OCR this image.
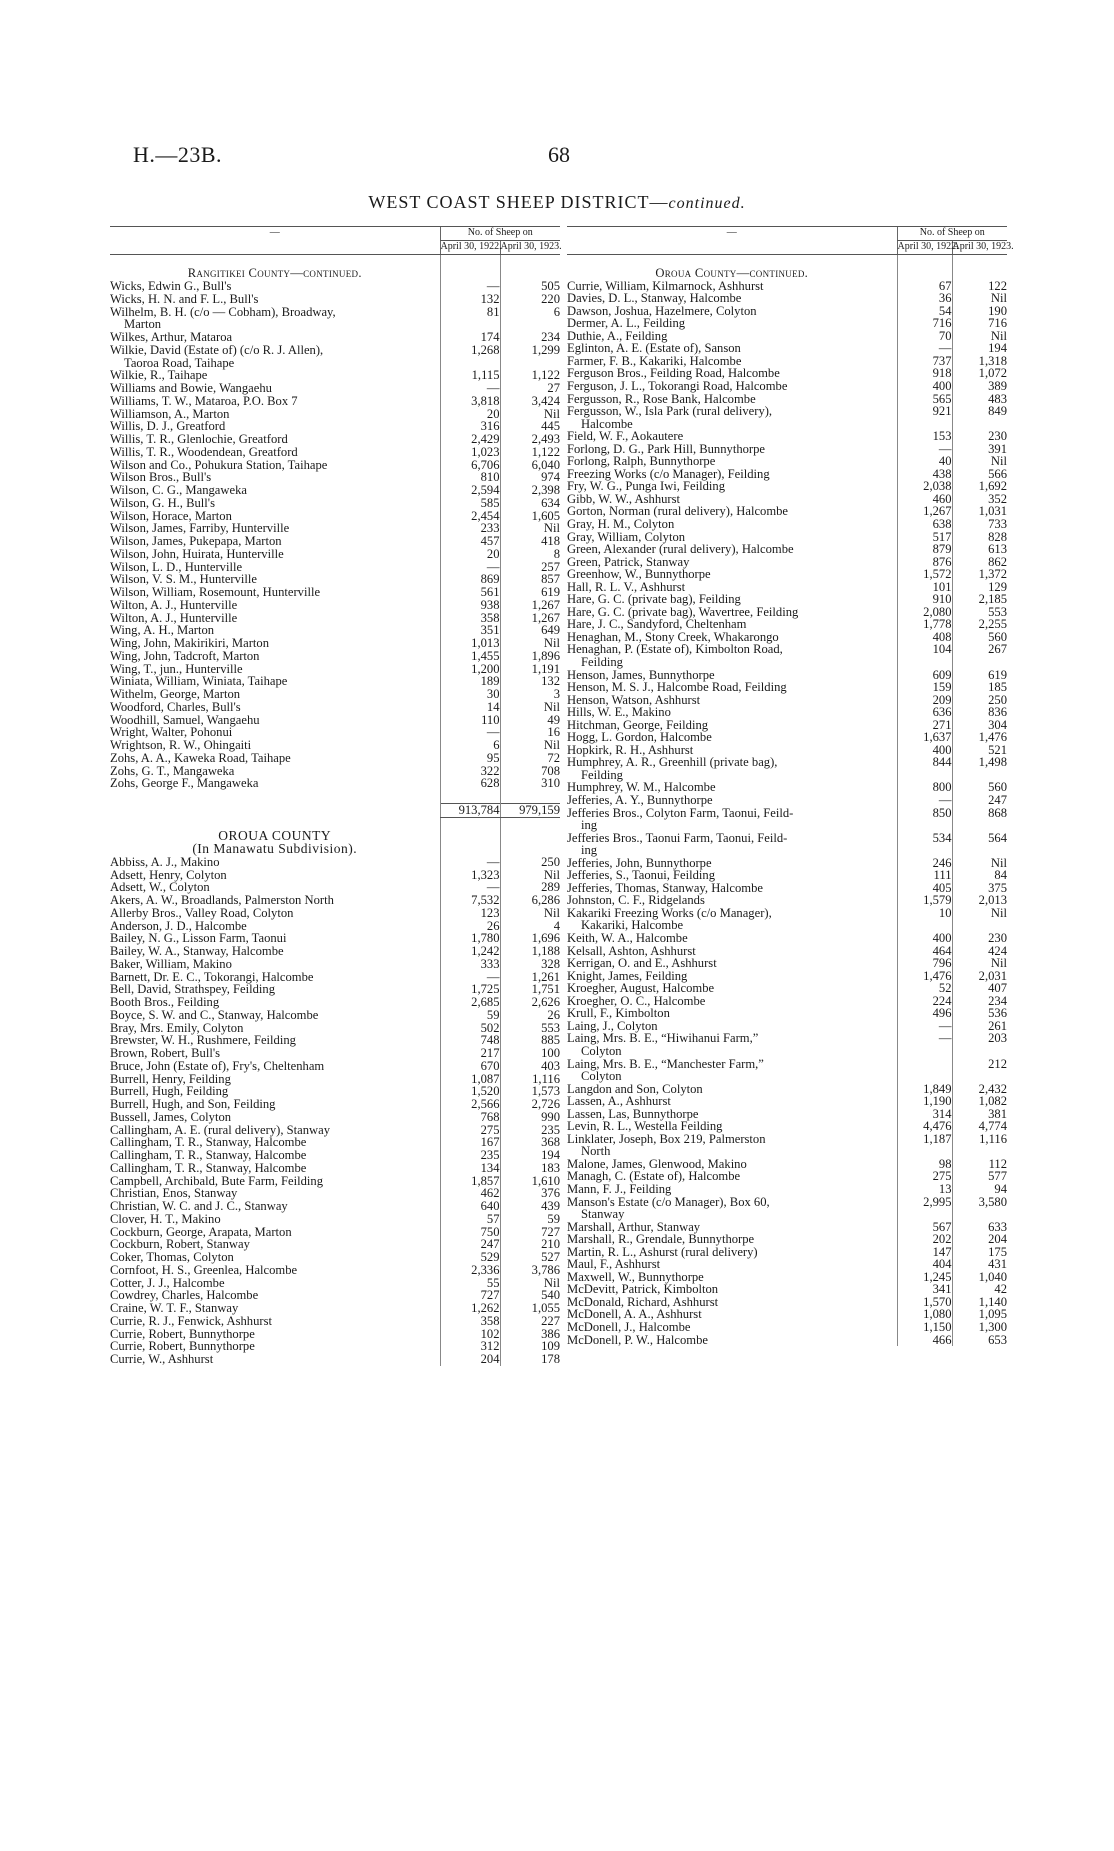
H.—23B.	68
WEST COAST SHEEP DISTRICT—continued.
—	No. of Sheep on	
	April 30, 1922.	April 30, 1923.

Rangitikei County—continued.		
Wicks, Edwin G., Bull's	—	505
Wicks, H. N. and F. L., Bull's	132	220
Wilhelm, B. H. (c/o — Cobham), Broadway,	81	6
Marton		
Wilkes, Arthur, Mataroa	174	234
Wilkie, David (Estate of) (c/o R. J. Allen),	1,268	1,299
Taoroa Road, Taihape		
Wilkie, R., Taihape	1,115	1,122
Williams and Bowie, Wangaehu	—	27
Williams, T. W., Mataroa, P.O. Box 7	3,818	3,424
Williamson, A., Marton	20	Nil
Willis, D. J., Greatford	316	445
Willis, T. R., Glenlochie, Greatford	2,429	2,493
Willis, T. R., Woodendean, Greatford	1,023	1,122
Wilson and Co., Pohukura Station, Taihape	6,706	6,040
Wilson Bros., Bull's	810	974
Wilson, C. G., Mangaweka	2,594	2,398
Wilson, G. H., Bull's	585	634
Wilson, Horace, Marton	2,454	1,605
Wilson, James, Farriby, Hunterville	233	Nil
Wilson, James, Pukepapa, Marton	457	418
Wilson, John, Huirata, Hunterville	20	8
Wilson, L. D., Hunterville	—	257
Wilson, V. S. M., Hunterville	869	857
Wilson, William, Rosemount, Hunterville	561	619
Wilton, A. J., Hunterville	938	1,267
Wilton, A. J., Hunterville	358	1,267
Wing, A. H., Marton	351	649
Wing, John, Makirikiri, Marton	1,013	Nil
Wing, John, Tadcroft, Marton	1,455	1,896
Wing, T., jun., Hunterville	1,200	1,191
Winiata, William, Winiata, Taihape	189	132
Withelm, George, Marton	30	3
Woodford, Charles, Bull's	14	Nil
Woodhill, Samuel, Wangaehu	110	49
Wright, Walter, Pohonui	—	16
Wrightson, R. W., Ohingaiti	6	Nil
Zohs, A. A., Kaweka Road, Taihape	95	72
Zohs, G. T., Mangaweka	322	708
Zohs, George F., Mangaweka	628	310

	913,784	979,159

OROUA COUNTY		
(In Manawatu Subdivision).		
Abbiss, A. J., Makino	—	250
Adsett, Henry, Colyton	1,323	Nil
Adsett, W., Colyton	—	289
Akers, A. W., Broadlands, Palmerston North	7,532	6,286
Allerby Bros., Valley Road, Colyton	123	Nil
Anderson, J. D., Halcombe	26	4
Bailey, N. G., Lisson Farm, Taonui	1,780	1,696
Bailey, W. A., Stanway, Halcombe	1,242	1,188
Baker, William, Makino	333	328
Barnett, Dr. E. C., Tokorangi, Halcombe	—	1,261
Bell, David, Strathspey, Feilding	1,725	1,751
Booth Bros., Feilding	2,685	2,626
Boyce, S. W. and C., Stanway, Halcombe	59	26
Bray, Mrs. Emily, Colyton	502	553
Brewster, W. H., Rushmere, Feilding	748	885
Brown, Robert, Bull's	217	100
Bruce, John (Estate of), Fry's, Cheltenham	670	403
Burrell, Henry, Feilding	1,087	1,116
Burrell, Hugh, Feilding	1,520	1,573
Burrell, Hugh, and Son, Feilding	2,566	2,726
Bussell, James, Colyton	768	990
Callingham, A. E. (rural delivery), Stanway	275	235
Callingham, T. R., Stanway, Halcombe	167	368
Callingham, T. R., Stanway, Halcombe	235	194
Callingham, T. R., Stanway, Halcombe	134	183
Campbell, Archibald, Bute Farm, Feilding	1,857	1,610
Christian, Enos, Stanway	462	376
Christian, W. C. and J. C., Stanway	640	439
Clover, H. T., Makino	57	59
Cockburn, George, Arapata, Marton	750	727
Cockburn, Robert, Stanway	247	210
Coker, Thomas, Colyton	529	527
Cornfoot, H. S., Greenlea, Halcombe	2,336	3,786
Cotter, J. J., Halcombe	55	Nil
Cowdrey, Charles, Halcombe	727	540
Craine, W. T. F., Stanway	1,262	1,055
Currie, R. J., Fenwick, Ashhurst	358	227
Currie, Robert, Bunnythorpe	102	386
Currie, Robert, Bunnythorpe	312	109
Currie, W., Ashhurst	204	178
—	No. of Sheep on	
	April 30, 1922.	April 30, 1923.

Oroua County—continued.		
Currie, William, Kilmarnock, Ashhurst	67	122
Davies, D. L., Stanway, Halcombe	36	Nil
Dawson, Joshua, Hazelmere, Colyton	54	190
Dermer, A. L., Feilding	716	716
Duthie, A., Feilding	70	Nil
Eglinton, A. E. (Estate of), Sanson	—	194
Farmer, F. B., Kakariki, Halcombe	737	1,318
Ferguson Bros., Feilding Road, Halcombe	918	1,072
Ferguson, J. L., Tokorangi Road, Halcombe	400	389
Fergusson, R., Rose Bank, Halcombe	565	483
Fergusson, W., Isla Park (rural delivery),	921	849
Halcombe		
Field, W. F., Aokautere	153	230
Forlong, D. G., Park Hill, Bunnythorpe	—	391
Forlong, Ralph, Bunnythorpe	40	Nil
Freezing Works (c/o Manager), Feilding	438	566
Fry, W. G., Punga Iwi, Feilding	2,038	1,692
Gibb, W. W., Ashhurst	460	352
Gorton, Norman (rural delivery), Halcombe	1,267	1,031
Gray, H. M., Colyton	638	733
Gray, William, Colyton	517	828
Green, Alexander (rural delivery), Halcombe	879	613
Green, Patrick, Stanway	876	862
Greenhow, W., Bunnythorpe	1,572	1,372
Hall, R. L. V., Ashhurst	101	129
Hare, G. C. (private bag), Feilding	910	2,185
Hare, G. C. (private bag), Wavertree, Feilding	2,080	553
Hare, J. C., Sandyford, Cheltenham	1,778	2,255
Henaghan, M., Stony Creek, Whakarongo	408	560
Henaghan, P. (Estate of), Kimbolton Road,	104	267
Feilding		
Henson, James, Bunnythorpe	609	619
Henson, M. S. J., Halcombe Road, Feilding	159	185
Henson, Watson, Ashhurst	209	250
Hills, W. E., Makino	636	836
Hitchman, George, Feilding	271	304
Hogg, L. Gordon, Halcombe	1,637	1,476
Hopkirk, R. H., Ashhurst	400	521
Humphrey, A. R., Greenhill (private bag),	844	1,498
Feilding		
Humphrey, W. M., Halcombe	800	560
Jefferies, A. Y., Bunnythorpe	—	247
Jefferies Bros., Colyton Farm, Taonui, Feild-	850	868
ing		
Jefferies Bros., Taonui Farm, Taonui, Feild-	534	564
ing		
Jefferies, John, Bunnythorpe	246	Nil
Jefferies, S., Taonui, Feilding	111	84
Jefferies, Thomas, Stanway, Halcombe	405	375
Johnston, C. F., Ridgelands	1,579	2,013
Kakariki Freezing Works (c/o Manager),	10	Nil
Kakariki, Halcombe		
Keith, W. A., Halcombe	400	230
Kelsall, Ashton, Ashhurst	464	424
Kerrigan, O. and E., Ashhurst	796	Nil
Knight, James, Feilding	1,476	2,031
Kroegher, August, Halcombe	52	407
Kroegher, O. C., Halcombe	224	234
Krull, F., Kimbolton	496	536
Laing, J., Colyton	—	261
Laing, Mrs. B. E., “Hiwihanui Farm,”	—	203
Colyton		
Laing, Mrs. B. E., “Manchester Farm,”		212
Colyton		
Langdon and Son, Colyton	1,849	2,432
Lassen, A., Ashhurst	1,190	1,082
Lassen, Las, Bunnythorpe	314	381
Levin, R. L., Westella Feilding	4,476	4,774
Linklater, Joseph, Box 219, Palmerston	1,187	1,116
North		
Malone, James, Glenwood, Makino	98	112
Managh, C. (Estate of), Halcombe	275	577
Mann, F. J., Feilding	13	94
Manson's Estate (c/o Manager), Box 60,	2,995	3,580
Stanway		
Marshall, Arthur, Stanway	567	633
Marshall, R., Grendale, Bunnythorpe	202	204
Martin, R. L., Ashurst (rural delivery)	147	175
Maul, F., Ashhurst	404	431
Maxwell, W., Bunnythorpe	1,245	1,040
McDevitt, Patrick, Kimbolton	341	42
McDonald, Richard, Ashhurst	1,570	1,140
McDonell, A. A., Ashhurst	1,080	1,095
McDonell, J., Halcombe	1,150	1,300
McDonell, P. W., Halcombe	466	653
